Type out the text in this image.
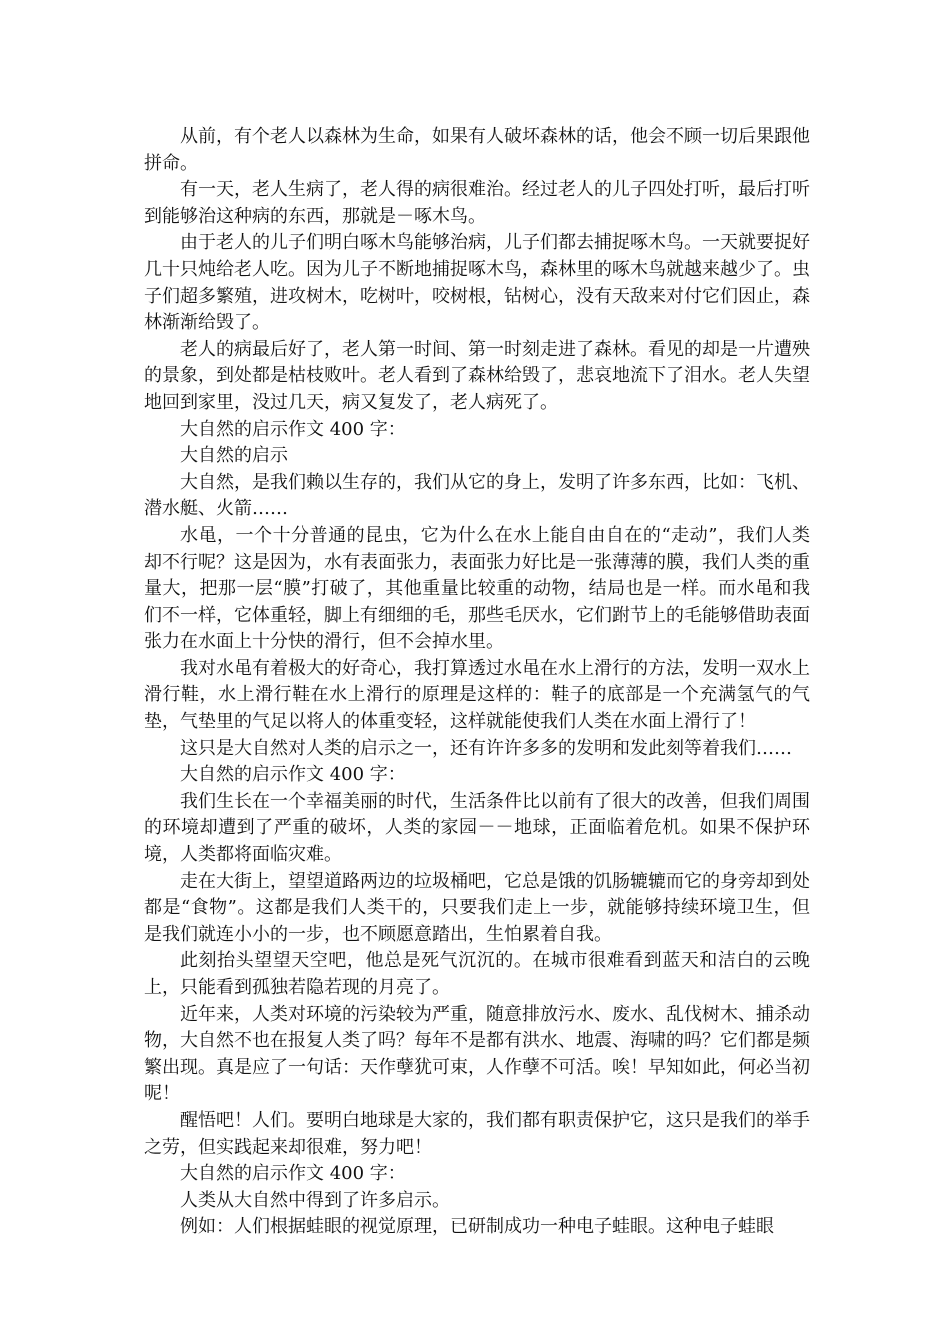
从前，有个老人以森林为生命，如果有人破坏森林的话，他会不顾一切后果跟他拼命。

有一天，老人生病了，老人得的病很难治。经过老人的儿子四处打听，最后打听到能够治这种病的东西，那就是－啄木鸟。

由于老人的儿子们明白啄木鸟能够治病，儿子们都去捕捉啄木鸟。一天就要捉好几十只炖给老人吃。因为儿子不断地捕捉啄木鸟，森林里的啄木鸟就越来越少了。虫子们超多繁殖，进攻树木，吃树叶，咬树根，钻树心，没有天敌来对付它们因止，森林渐渐给毁了。

老人的病最后好了，老人第一时间、第一时刻走进了森林。看见的却是一片遭殃的景象，到处都是枯枝败叶。老人看到了森林给毁了，悲哀地流下了泪水。老人失望地回到家里，没过几天，病又复发了，老人病死了。

大自然的启示作文 400 字：

大自然的启示

大自然，是我们赖以生存的，我们从它的身上，发明了许多东西，比如：飞机、潜水艇、火箭……

水黾，一个十分普通的昆虫，它为什么在水上能自由自在的“走动”，我们人类却不行呢？这是因为，水有表面张力，表面张力好比是一张薄薄的膜，我们人类的重量大，把那一层“膜”打破了，其他重量比较重的动物，结局也是一样。而水黾和我们不一样，它体重轻，脚上有细细的毛，那些毛厌水，它们跗节上的毛能够借助表面张力在水面上十分快的滑行，但不会掉水里。

我对水黾有着极大的好奇心，我打算透过水黾在水上滑行的方法，发明一双水上滑行鞋，水上滑行鞋在水上滑行的原理是这样的：鞋子的底部是一个充满氢气的气垫，气垫里的气足以将人的体重变轻，这样就能使我们人类在水面上滑行了！

这只是大自然对人类的启示之一，还有许许多多的发明和发此刻等着我们……

大自然的启示作文 400 字：

我们生长在一个幸福美丽的时代，生活条件比以前有了很大的改善，但我们周围的环境却遭到了严重的破坏，人类的家园－－地球，正面临着危机。如果不保护环境，人类都将面临灾难。

走在大街上，望望道路两边的垃圾桶吧，它总是饿的饥肠辘辘而它的身旁却到处都是“食物”。这都是我们人类干的，只要我们走上一步，就能够持续环境卫生，但是我们就连小小的一步，也不顾愿意踏出，生怕累着自我。

此刻抬头望望天空吧，他总是死气沉沉的。在城市很难看到蓝天和洁白的云晚上，只能看到孤独若隐若现的月亮了。

近年来，人类对环境的污染较为严重，随意排放污水、废水、乱伐树木、捕杀动物，大自然不也在报复人类了吗？每年不是都有洪水、地震、海啸的吗？它们都是频繁出现。真是应了一句话：天作孽犹可束，人作孽不可活。唉！早知如此，何必当初呢！

醒悟吧！人们。要明白地球是大家的，我们都有职责保护它，这只是我们的举手之劳，但实践起来却很难，努力吧！

大自然的启示作文 400 字：

人类从大自然中得到了许多启示。

例如：人们根据蛙眼的视觉原理，已研制成功一种电子蛙眼。这种电子蛙眼
